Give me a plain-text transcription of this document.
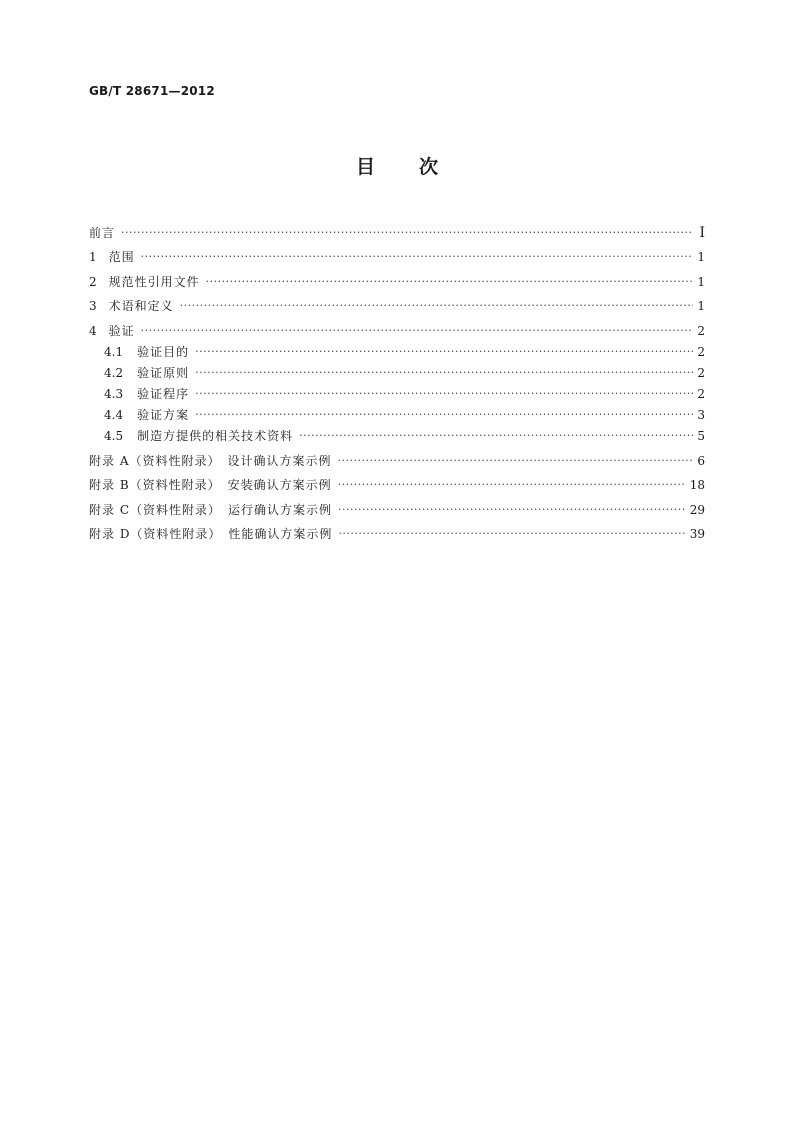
GB/T 28671—2012
目 次
前言 ·····	I
1 范围 ·····	1
2 规范性引用文件 ·····	1
3 术语和定义 ·····	1
4 验证 ·····	2
4.1 验证目的 ·····	2
4.2 验证原则 ·····	2
4.3 验证程序 ·····	2
4.4 验证方案 ·····	3
4.5 制造方提供的相关技术资料 ·····	5
附录 A（资料性附录）　设计确认方案示例 ·····	6
附录 B（资料性附录）　安装确认方案示例 ·····	18
附录 C（资料性附录）　运行确认方案示例 ·····	29
附录 D（资料性附录）　性能确认方案示例 ·····	39
